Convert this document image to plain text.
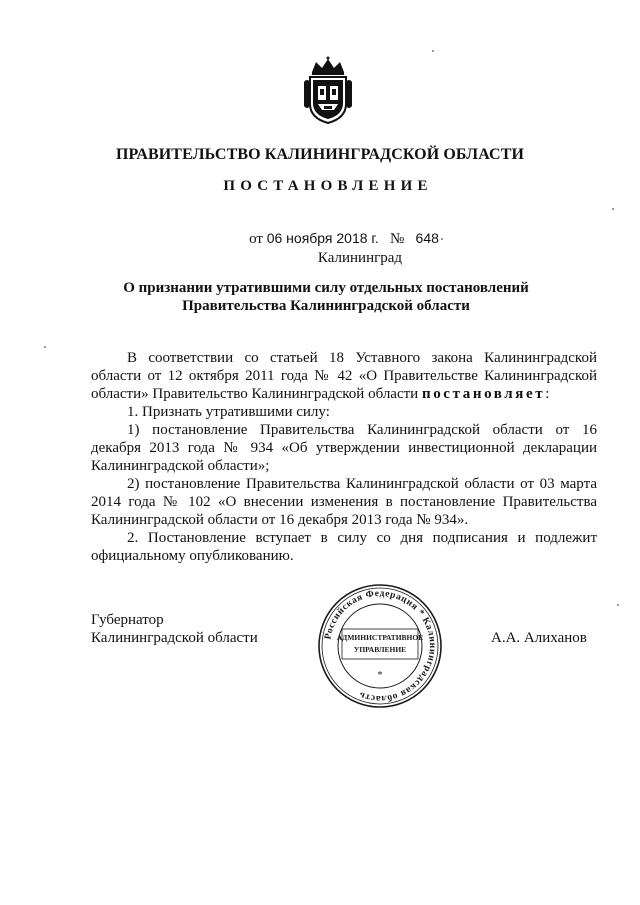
ПРАВИТЕЛЬСТВО КАЛИНИНГРАДСКОЙ ОБЛАСТИ
ПОСТАНОВЛЕНИЕ
от 06 ноября 2018 г. № 648
Калининград
О признании утратившими силу отдельных постановлений
Правительства Калининградской области

В соответствии со статьей 18 Уставного закона Калининградской области от 12 октября 2011 года № 42 «О Правительстве Калининградской области» Правительство Калининградской области постановляет:

1. Признать утратившими силу:

1) постановление Правительства Калининградской области от 16 декабря 2013 года № 934 «Об утверждении инвестиционной декларации Калининградской области»;

2) постановление Правительства Калининградской области от 03 марта 2014 года № 102 «О внесении изменения в постановление Правительства Калининградской области от 16 декабря 2013 года № 934».

2. Постановление вступает в силу со дня подписания и подлежит официальному опубликованию.

Губернатор
Калининградской области	А.А. Алиханов
Российская Федерация * Калининградская область
АДМИНИСТРАТИВНОЕ
УПРАВЛЕНИЕ
*
